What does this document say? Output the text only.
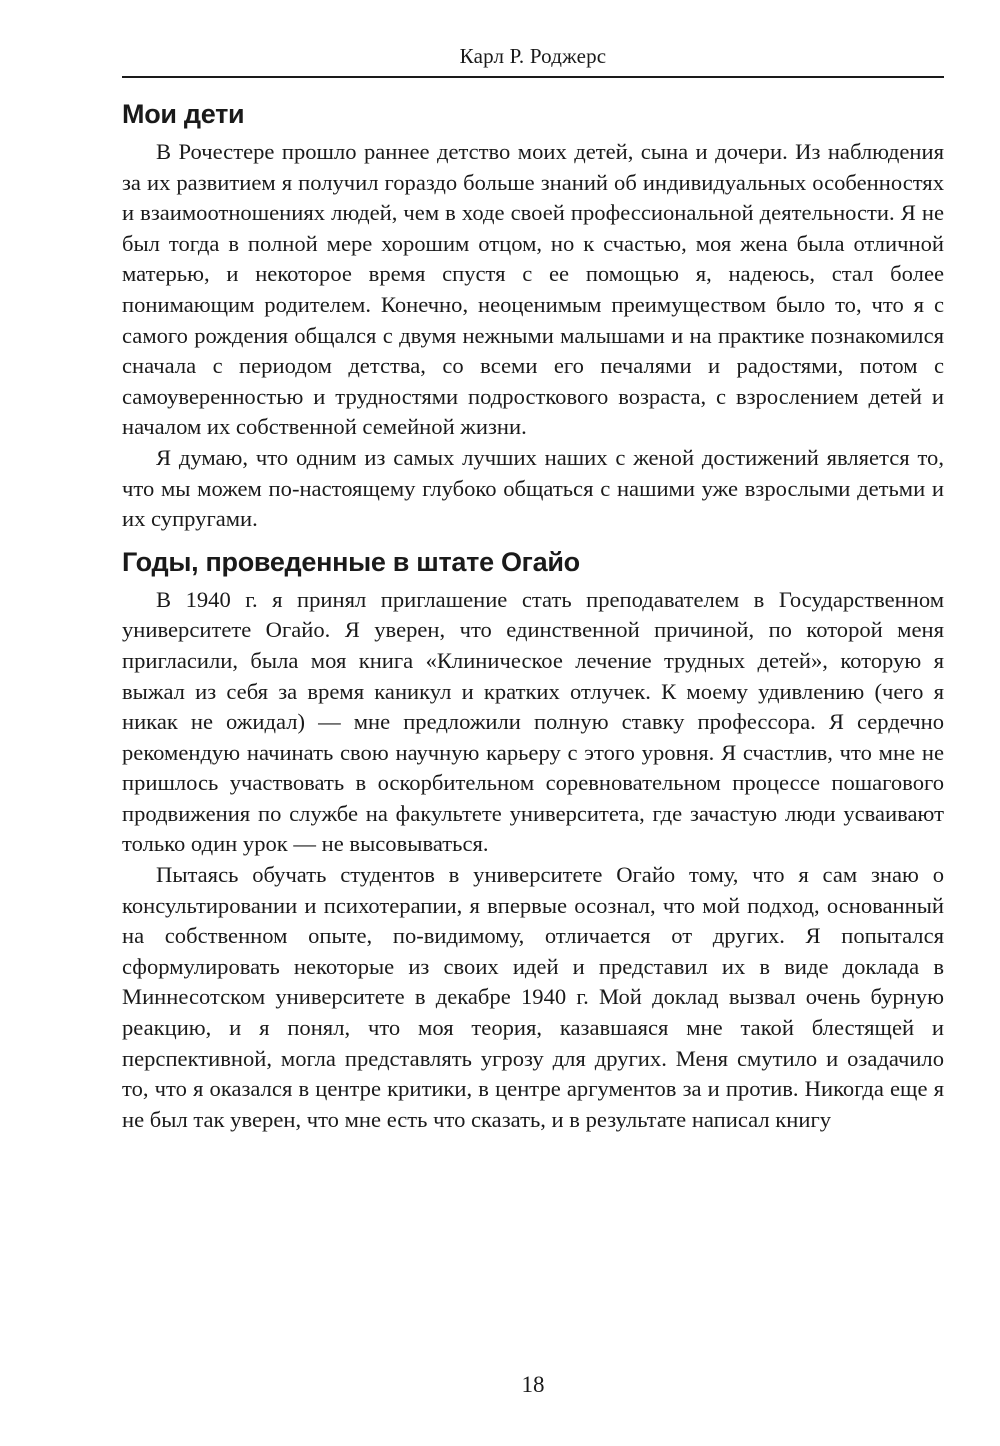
Карл Р. Роджерс
Мои дети

В Рочестере прошло раннее детство моих детей, сына и дочери. Из наблюдения за их развитием я получил гораздо больше знаний об индивидуальных особенностях и взаимоотношениях людей, чем в ходе своей профессиональной деятельности. Я не был тогда в полной мере хорошим отцом, но к счастью, моя жена была отличной матерью, и некоторое время спустя с ее помощью я, надеюсь, стал более понимающим родителем. Конечно, неоценимым преимуществом было то, что я с самого рождения общался с двумя нежными малышами и на практике познакомился сначала с периодом детства, со всеми его печалями и радостями, потом с самоуверенностью и трудностями подросткового возраста, с взрослением детей и началом их собственной семейной жизни.

Я думаю, что одним из самых лучших наших с женой достижений является то, что мы можем по-настоящему глубоко общаться с нашими уже взрослыми детьми и их супругами.

Годы, проведенные в штате Огайо

В 1940 г. я принял приглашение стать преподавателем в Государственном университете Огайо. Я уверен, что единственной причиной, по которой меня пригласили, была моя книга «Клиническое лечение трудных детей», которую я выжал из себя за время каникул и кратких отлучек. К моему удивлению (чего я никак не ожидал) — мне предложили полную ставку профессора. Я сердечно рекомендую начинать свою научную карьеру с этого уровня. Я счастлив, что мне не пришлось участвовать в оскорбительном соревновательном процессе пошагового продвижения по службе на факультете университета, где зачастую люди усваивают только один урок — не высовываться.

Пытаясь обучать студентов в университете Огайо тому, что я сам знаю о консультировании и психотерапии, я впервые осознал, что мой подход, основанный на собственном опыте, по-видимому, отличается от других. Я попытался сформулировать некоторые из своих идей и представил их в виде доклада в Миннесотском университете в декабре 1940 г. Мой доклад вызвал очень бурную реакцию, и я понял, что моя теория, казавшаяся мне такой блестящей и перспективной, могла представлять угрозу для других. Меня смутило и озадачило то, что я оказался в центре критики, в центре аргументов за и против. Никогда еще я не был так уверен, что мне есть что сказать, и в результате написал книгу

18
